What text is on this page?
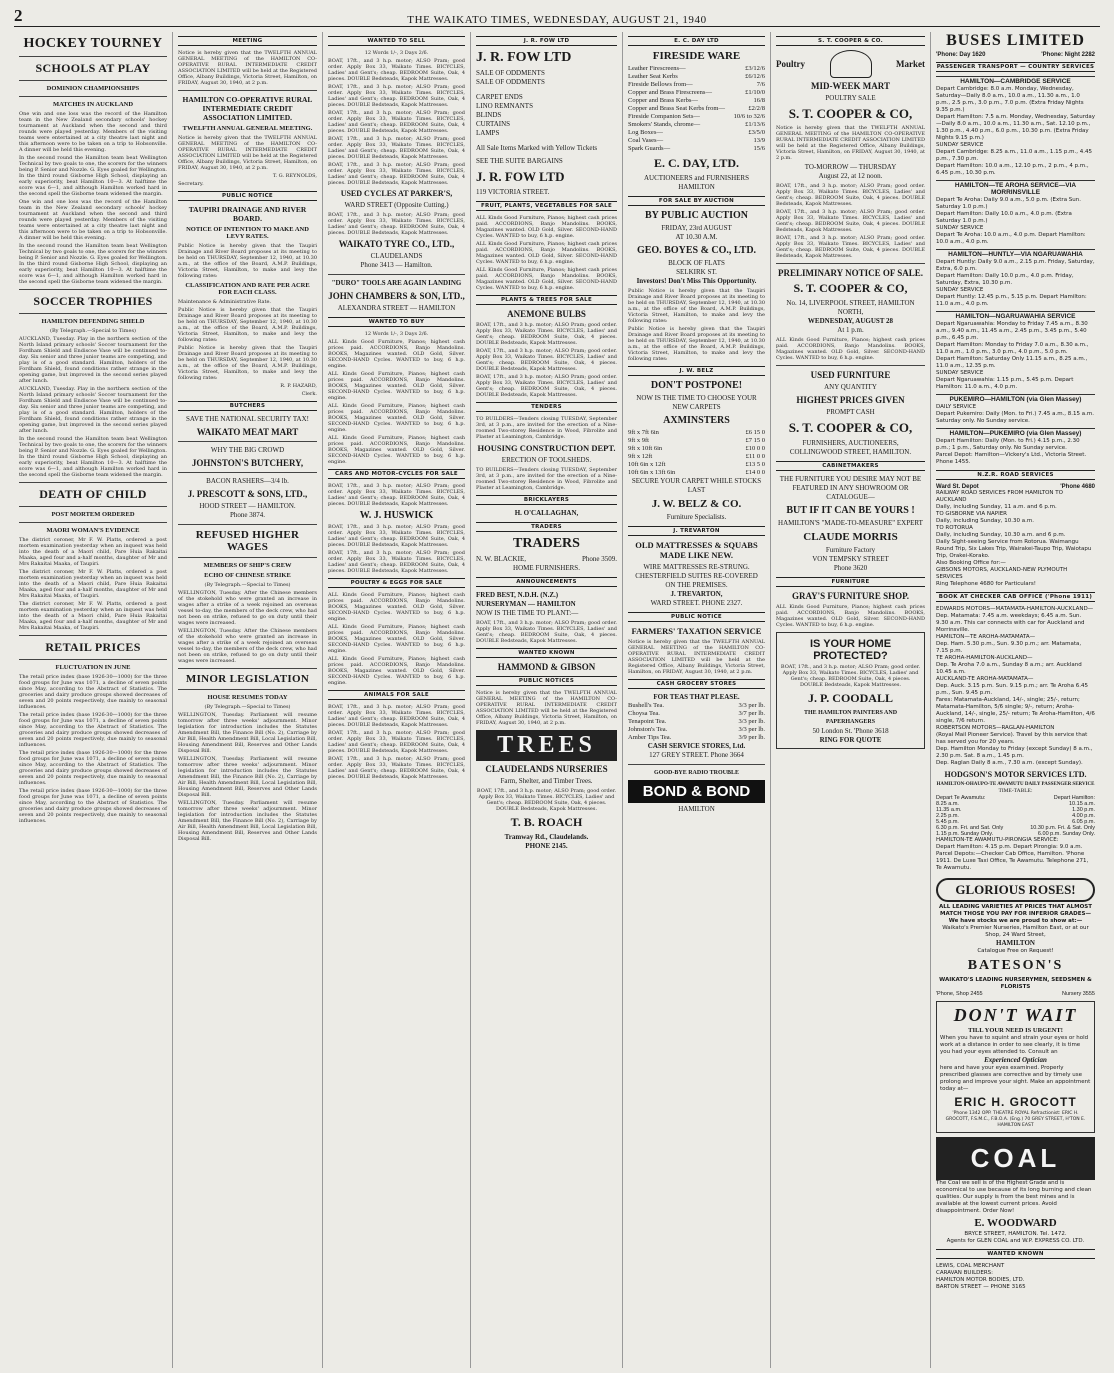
2	THE WAIKATO TIMES, WEDNESDAY, AUGUST 21, 1940
HOCKEY TOURNEY
SCHOOLS AT PLAY
DOMINION CHAMPIONSHIPS
MATCHES IN AUCKLAND

One win and one loss was the record of the Hamilton team in the New Zealand secondary schools' hockey tournament at Auckland when the second and third rounds were played yesterday. Members of the visiting teams were entertained at a city theatre last night and this afternoon were to be taken on a trip to Hobsonville. A dinner will be held this evening.

In the second round the Hamilton team beat Wellington Technical by two goals to one, the scorers for the winners being P. Senior and Nozzle. G. Eyes goaled for Wellington. In the third round Gisborne High School, displaying an early superiority, beat Hamilton 10—3. At halftime the score was 6—1, and although Hamilton worked hard in the second spell the Gisborne team widened the margin.

One win and one loss was the record of the Hamilton team in the New Zealand secondary schools' hockey tournament at Auckland when the second and third rounds were played yesterday. Members of the visiting teams were entertained at a city theatre last night and this afternoon were to be taken on a trip to Hobsonville. A dinner will be held this evening.

In the second round the Hamilton team beat Wellington Technical by two goals to one, the scorers for the winners being P. Senior and Nozzle. G. Eyes goaled for Wellington. In the third round Gisborne High School, displaying an early superiority, beat Hamilton 10—3. At halftime the score was 6—1, and although Hamilton worked hard in the second spell the Gisborne team widened the margin.

SOCCER TROPHIES
HAMILTON DEFENDING SHIELD

(By Telegraph.—Special to Times)

AUCKLAND, Tuesday. Play in the northern section of the North Island primary schools' Soccer tournament for the Fordham Shield and Endiscoe Vase will be continued to-day. Six senior and three junior teams are competing, and play is of a good standard. Hamilton, holders of the Fordham Shield, found conditions rather strange in the opening game, but improved in the second series played after lunch.

AUCKLAND, Tuesday. Play in the northern section of the North Island primary schools' Soccer tournament for the Fordham Shield and Endiscoe Vase will be continued to-day. Six senior and three junior teams are competing, and play is of a good standard. Hamilton, holders of the Fordham Shield, found conditions rather strange in the opening game, but improved in the second series played after lunch.

In the second round the Hamilton team beat Wellington Technical by two goals to one, the scorers for the winners being P. Senior and Nozzle. G. Eyes goaled for Wellington. In the third round Gisborne High School, displaying an early superiority, beat Hamilton 10—3. At halftime the score was 6—1, and although Hamilton worked hard in the second spell the Gisborne team widened the margin.

DEATH OF CHILD
POST MORTEM ORDERED
MAORI WOMAN'S EVIDENCE

The district coroner, Mr F. W. Platts, ordered a post mortem examination yesterday when an inquest was held into the death of a Maori child, Pare Huia Rakaitai Maaka, aged four and a-half months, daughter of Mr and Mrs Rakaitai Maaka, of Taupiri.

The district coroner, Mr F. W. Platts, ordered a post mortem examination yesterday when an inquest was held into the death of a Maori child, Pare Huia Rakaitai Maaka, aged four and a-half months, daughter of Mr and Mrs Rakaitai Maaka, of Taupiri.

The district coroner, Mr F. W. Platts, ordered a post mortem examination yesterday when an inquest was held into the death of a Maori child, Pare Huia Rakaitai Maaka, aged four and a-half months, daughter of Mr and Mrs Rakaitai Maaka, of Taupiri.

RETAIL PRICES
FLUCTUATION IN JUNE

The retail price index (base 1926-30—1000) for the three food groups for June was 1071, a decline of seven points since May, according to the Abstract of Statistics. The groceries and dairy produce groups showed decreases of seven and 20 points respectively, due mainly to seasonal influences.

The retail price index (base 1926-30—1000) for the three food groups for June was 1071, a decline of seven points since May, according to the Abstract of Statistics. The groceries and dairy produce groups showed decreases of seven and 20 points respectively, due mainly to seasonal influences.

The retail price index (base 1926-30—1000) for the three food groups for June was 1071, a decline of seven points since May, according to the Abstract of Statistics. The groceries and dairy produce groups showed decreases of seven and 20 points respectively, due mainly to seasonal influences.

The retail price index (base 1926-30—1000) for the three food groups for June was 1071, a decline of seven points since May, according to the Abstract of Statistics. The groceries and dairy produce groups showed decreases of seven and 20 points respectively, due mainly to seasonal influences.

MEETING

Notice is hereby given that the TWELFTH ANNUAL GENERAL MEETING of the HAMILTON CO-OPERATIVE RURAL INTERMEDIATE CREDIT ASSOCIATION LIMITED will be held at the Registered Office, Albany Buildings, Victoria Street, Hamilton, on FRIDAY, August 30, 1940, at 2 p.m.

HAMILTON CO-OPERATIVE RURAL INTERMEDIATE CREDIT ASSOCIATION LIMITED.
TWELFTH ANNUAL GENERAL MEETING.

Notice is hereby given that the TWELFTH ANNUAL GENERAL MEETING of the HAMILTON CO-OPERATIVE RURAL INTERMEDIATE CREDIT ASSOCIATION LIMITED will be held at the Registered Office, Albany Buildings, Victoria Street, Hamilton, on FRIDAY, August 30, 1940, at 2 p.m.

T. G. REYNOLDS,

Secretary.

PUBLIC NOTICE
TAUPIRI DRAINAGE AND RIVER BOARD.
NOTICE OF INTENTION TO MAKE AND LEVY RATES.

Public Notice is hereby given that the Taupiri Drainage and River Board proposes at its meeting to be held on THURSDAY, September 12, 1940, at 10.30 a.m., at the office of the Board, A.M.P. Buildings, Victoria Street, Hamilton, to make and levy the following rates:

CLASSIFICATION AND RATE PER ACRE FOR EACH CLASS.

Maintenance & Administrative Rate.

Public Notice is hereby given that the Taupiri Drainage and River Board proposes at its meeting to be held on THURSDAY, September 12, 1940, at 10.30 a.m., at the office of the Board, A.M.P. Buildings, Victoria Street, Hamilton, to make and levy the following rates:

Public Notice is hereby given that the Taupiri Drainage and River Board proposes at its meeting to be held on THURSDAY, September 12, 1940, at 10.30 a.m., at the office of the Board, A.M.P. Buildings, Victoria Street, Hamilton, to make and levy the following rates:

R. P. HAZARD,

Clerk.

BUTCHERS

SAVE THE NATIONAL SECURITY TAX!

WAIKATO MEAT MART

WHY THE BIG CROWD

JOHNSTON'S BUTCHERY,

BACON RASHERS—3/4 lb.

J. PRESCOTT & SONS, LTD.,

HOOD STREET — HAMILTON.

Phone 3874.

REFUSED HIGHER WAGES
MEMBERS OF SHIP'S CREW
ECHO OF CHINESE STRIKE

(By Telegraph.—Special to Times)

WELLINGTON, Tuesday. After the Chinese members of the stokehold who were granted an increase in wages after a strike of a week rejoined an overseas vessel to-day, the members of the deck crew, who had not been on strike, refused to go on duty until their wages were increased.

WELLINGTON, Tuesday. After the Chinese members of the stokehold who were granted an increase in wages after a strike of a week rejoined an overseas vessel to-day, the members of the deck crew, who had not been on strike, refused to go on duty until their wages were increased.

MINOR LEGISLATION
HOUSE RESUMES TODAY

(By Telegraph.—Special to Times)

WELLINGTON, Tuesday. Parliament will resume tomorrow after three weeks' adjournment. Minor legislation for introduction includes the Statutes Amendment Bill, the Finance Bill (No. 2), Carriage by Air Bill, Health Amendment Bill, Local Legislation Bill, Housing Amendment Bill, Reserves and Other Lands Disposal Bill.

WELLINGTON, Tuesday. Parliament will resume tomorrow after three weeks' adjournment. Minor legislation for introduction includes the Statutes Amendment Bill, the Finance Bill (No. 2), Carriage by Air Bill, Health Amendment Bill, Local Legislation Bill, Housing Amendment Bill, Reserves and Other Lands Disposal Bill.

WELLINGTON, Tuesday. Parliament will resume tomorrow after three weeks' adjournment. Minor legislation for introduction includes the Statutes Amendment Bill, the Finance Bill (No. 2), Carriage by Air Bill, Health Amendment Bill, Local Legislation Bill, Housing Amendment Bill, Reserves and Other Lands Disposal Bill.

WANTED TO SELL

12 Words 1/-, 3 Days 2/6.

BOAT, 17ft., and 3 h.p. motor; ALSO Pram; good order. Apply Box 33, Waikato Times. BICYCLES, Ladies' and Gent's; cheap. BEDROOM Suite, Oak, 4 pieces. DOUBLE Bedsteads, Kapok Mattresses.

BOAT, 17ft., and 3 h.p. motor; ALSO Pram; good order. Apply Box 33, Waikato Times. BICYCLES, Ladies' and Gent's; cheap. BEDROOM Suite, Oak, 4 pieces. DOUBLE Bedsteads, Kapok Mattresses.

BOAT, 17ft., and 3 h.p. motor; ALSO Pram; good order. Apply Box 33, Waikato Times. BICYCLES, Ladies' and Gent's; cheap. BEDROOM Suite, Oak, 4 pieces. DOUBLE Bedsteads, Kapok Mattresses.

BOAT, 17ft., and 3 h.p. motor; ALSO Pram; good order. Apply Box 33, Waikato Times. BICYCLES, Ladies' and Gent's; cheap. BEDROOM Suite, Oak, 4 pieces. DOUBLE Bedsteads, Kapok Mattresses.

BOAT, 17ft., and 3 h.p. motor; ALSO Pram; good order. Apply Box 33, Waikato Times. BICYCLES, Ladies' and Gent's; cheap. BEDROOM Suite, Oak, 4 pieces. DOUBLE Bedsteads, Kapok Mattresses.

USED CYCLES AT PARKER'S,

WARD STREET (Opposite Cutting.)

BOAT, 17ft., and 3 h.p. motor; ALSO Pram; good order. Apply Box 33, Waikato Times. BICYCLES, Ladies' and Gent's; cheap. BEDROOM Suite, Oak, 4 pieces. DOUBLE Bedsteads, Kapok Mattresses.

WAIKATO TYRE CO., LTD.,

CLAUDELANDS

Phone 3413 — Hamilton.

"DURO" TOOLS ARE AGAIN LANDING

JOHN CHAMBERS & SON, LTD.,

ALEXANDRA STREET — HAMILTON

WANTED TO BUY

12 Words 1/-, 3 Days 2/6.

ALL Kinds Good Furniture, Pianos; highest cash prices paid. ACCORDIONS, Banjo Mandolins. BOOKS, Magazines wanted. OLD Gold, Silver. SECOND-HAND Cycles. WANTED to buy, 6 h.p. engine.

ALL Kinds Good Furniture, Pianos; highest cash prices paid. ACCORDIONS, Banjo Mandolins. BOOKS, Magazines wanted. OLD Gold, Silver. SECOND-HAND Cycles. WANTED to buy, 6 h.p. engine.

ALL Kinds Good Furniture, Pianos; highest cash prices paid. ACCORDIONS, Banjo Mandolins. BOOKS, Magazines wanted. OLD Gold, Silver. SECOND-HAND Cycles. WANTED to buy, 6 h.p. engine.

ALL Kinds Good Furniture, Pianos; highest cash prices paid. ACCORDIONS, Banjo Mandolins. BOOKS, Magazines wanted. OLD Gold, Silver. SECOND-HAND Cycles. WANTED to buy, 6 h.p. engine.

CARS AND MOTOR-CYCLES FOR SALE

BOAT, 17ft., and 3 h.p. motor; ALSO Pram; good order. Apply Box 33, Waikato Times. BICYCLES, Ladies' and Gent's; cheap. BEDROOM Suite, Oak, 4 pieces. DOUBLE Bedsteads, Kapok Mattresses.

W. J. HUSWICK

BOAT, 17ft., and 3 h.p. motor; ALSO Pram; good order. Apply Box 33, Waikato Times. BICYCLES, Ladies' and Gent's; cheap. BEDROOM Suite, Oak, 4 pieces. DOUBLE Bedsteads, Kapok Mattresses.

BOAT, 17ft., and 3 h.p. motor; ALSO Pram; good order. Apply Box 33, Waikato Times. BICYCLES, Ladies' and Gent's; cheap. BEDROOM Suite, Oak, 4 pieces. DOUBLE Bedsteads, Kapok Mattresses.

POULTRY & EGGS FOR SALE

ALL Kinds Good Furniture, Pianos; highest cash prices paid. ACCORDIONS, Banjo Mandolins. BOOKS, Magazines wanted. OLD Gold, Silver. SECOND-HAND Cycles. WANTED to buy, 6 h.p. engine.

ALL Kinds Good Furniture, Pianos; highest cash prices paid. ACCORDIONS, Banjo Mandolins. BOOKS, Magazines wanted. OLD Gold, Silver. SECOND-HAND Cycles. WANTED to buy, 6 h.p. engine.

ALL Kinds Good Furniture, Pianos; highest cash prices paid. ACCORDIONS, Banjo Mandolins. BOOKS, Magazines wanted. OLD Gold, Silver. SECOND-HAND Cycles. WANTED to buy, 6 h.p. engine.

ANIMALS FOR SALE

BOAT, 17ft., and 3 h.p. motor; ALSO Pram; good order. Apply Box 33, Waikato Times. BICYCLES, Ladies' and Gent's; cheap. BEDROOM Suite, Oak, 4 pieces. DOUBLE Bedsteads, Kapok Mattresses.

BOAT, 17ft., and 3 h.p. motor; ALSO Pram; good order. Apply Box 33, Waikato Times. BICYCLES, Ladies' and Gent's; cheap. BEDROOM Suite, Oak, 4 pieces. DOUBLE Bedsteads, Kapok Mattresses.

BOAT, 17ft., and 3 h.p. motor; ALSO Pram; good order. Apply Box 33, Waikato Times. BICYCLES, Ladies' and Gent's; cheap. BEDROOM Suite, Oak, 4 pieces. DOUBLE Bedsteads, Kapok Mattresses.

J. R. FOW LTD
J. R. FOW LTD

SALE OF ODDMENTS

SALE OF ODDMENTS

CARPET ENDS

LINO REMNANTS

BLINDS

CURTAINS

LAMPS

All Sale Items Marked with Yellow Tickets

SEE THE SUITE BARGAINS

J. R. FOW LTD

119 VICTORIA STREET.

FRUIT, PLANTS, VEGETABLES FOR SALE

ALL Kinds Good Furniture, Pianos; highest cash prices paid. ACCORDIONS, Banjo Mandolins. BOOKS, Magazines wanted. OLD Gold, Silver. SECOND-HAND Cycles. WANTED to buy, 6 h.p. engine.

ALL Kinds Good Furniture, Pianos; highest cash prices paid. ACCORDIONS, Banjo Mandolins. BOOKS, Magazines wanted. OLD Gold, Silver. SECOND-HAND Cycles. WANTED to buy, 6 h.p. engine.

ALL Kinds Good Furniture, Pianos; highest cash prices paid. ACCORDIONS, Banjo Mandolins. BOOKS, Magazines wanted. OLD Gold, Silver. SECOND-HAND Cycles. WANTED to buy, 6 h.p. engine.

PLANTS & TREES FOR SALE
ANEMONE BULBS

BOAT, 17ft., and 3 h.p. motor; ALSO Pram; good order. Apply Box 33, Waikato Times. BICYCLES, Ladies' and Gent's; cheap. BEDROOM Suite, Oak, 4 pieces. DOUBLE Bedsteads, Kapok Mattresses.

BOAT, 17ft., and 3 h.p. motor; ALSO Pram; good order. Apply Box 33, Waikato Times. BICYCLES, Ladies' and Gent's; cheap. BEDROOM Suite, Oak, 4 pieces. DOUBLE Bedsteads, Kapok Mattresses.

BOAT, 17ft., and 3 h.p. motor; ALSO Pram; good order. Apply Box 33, Waikato Times. BICYCLES, Ladies' and Gent's; cheap. BEDROOM Suite, Oak, 4 pieces. DOUBLE Bedsteads, Kapok Mattresses.

TENDERS

TO BUILDERS—Tenders closing TUESDAY, September 3rd, at 3 p.m., are invited for the erection of a Nine-roomed Two-storey Residence in Wood, Fibrolite and Plaster at Leamington, Cambridge.

HOUSING CONSTRUCTION DEPT.

ERECTION OF TOOLSHEDS.

TO BUILDERS—Tenders closing TUESDAY, September 3rd, at 3 p.m., are invited for the erection of a Nine-roomed Two-storey Residence in Wood, Fibrolite and Plaster at Leamington, Cambridge.

BRICKLAYERS

H. O'CALLAGHAN,

TRADERS
TRADERS
N. W. BLACKIE,	Phone 3509.

HOME FURNISHERS.

ANNOUNCEMENTS

FRED BEST, N.D.H. (N.Z.)

NURSERYMAN — HAMILTON

NOW IS THE TIME TO PLANT:—

BOAT, 17ft., and 3 h.p. motor; ALSO Pram; good order. Apply Box 33, Waikato Times. BICYCLES, Ladies' and Gent's; cheap. BEDROOM Suite, Oak, 4 pieces. DOUBLE Bedsteads, Kapok Mattresses.

WANTED KNOWN
HAMMOND & GIBSON
PUBLIC NOTICES

Notice is hereby given that the TWELFTH ANNUAL GENERAL MEETING of the HAMILTON CO-OPERATIVE RURAL INTERMEDIATE CREDIT ASSOCIATION LIMITED will be held at the Registered Office, Albany Buildings, Victoria Street, Hamilton, on FRIDAY, August 30, 1940, at 2 p.m.

TREES
CLAUDELANDS NURSERIES

Farm, Shelter, and Timber Trees.

BOAT, 17ft., and 3 h.p. motor; ALSO Pram; good order. Apply Box 33, Waikato Times. BICYCLES, Ladies' and Gent's; cheap. BEDROOM Suite, Oak, 4 pieces. DOUBLE Bedsteads, Kapok Mattresses.

T. B. ROACH

Tramway Rd., Claudelands.

PHONE 2145.

E. C. DAY LTD
FIRESIDE WARE
Leather Firescreens—	£3/12/6
Leather Seat Kerbs	£6/12/6
Fireside Bellows from—	7/6
Copper and Brass Firescreens—	£1/10/0
Copper and Brass Kerbs—	16/8
Copper and Brass Seat Kerbs from—	£2/2/8
Fireside Companion Sets—	10/6 to 32/6
Smokers' Stands, chrome—	£1/13/6
Log Boxes—	£3/5/0
Coal Vases—	13/9
Spark Guards—	15/6
E. C. DAY, LTD.

AUCTIONEERS and FURNISHERS

HAMILTON

FOR SALE BY AUCTION
BY PUBLIC AUCTION

FRIDAY, 23rd AUGUST

AT 10.30 A.M.

GEO. BOYES & CO., LTD.

BLOCK OF FLATS

SELKIRK ST.

Investors! Don't Miss This Opportunity.

Public Notice is hereby given that the Taupiri Drainage and River Board proposes at its meeting to be held on THURSDAY, September 12, 1940, at 10.30 a.m., at the office of the Board, A.M.P. Buildings, Victoria Street, Hamilton, to make and levy the following rates:

Public Notice is hereby given that the Taupiri Drainage and River Board proposes at its meeting to be held on THURSDAY, September 12, 1940, at 10.30 a.m., at the office of the Board, A.M.P. Buildings, Victoria Street, Hamilton, to make and levy the following rates:

J. W. BELZ
DON'T POSTPONE!

NOW IS THE TIME TO CHOOSE YOUR NEW CARPETS

AXMINSTERS
9ft x 7ft 6in	£6 15 0
9ft x 9ft	£7 15 0
9ft x 10ft 6in	£10 0 0
9ft x 12ft	£11 0 0
10ft 6in x 12ft	£13 5 0
10ft 6in x 13ft 6in	£14 0 0

SECURE YOUR CARPET WHILE STOCKS LAST

J. W. BELZ & CO.

Furniture Specialists.

J. TREVARTON
OLD MATTRESSES & SQUABS MADE LIKE NEW.

WIRE MATTRESSES RE-STRUNG.

CHESTERFIELD SUITES RE-COVERED

ON THE PREMISES.

J. TREVARTON,

WARD STREET. PHONE 2327.

PUBLIC NOTICE
FARMERS' TAXATION SERVICE

Notice is hereby given that the TWELFTH ANNUAL GENERAL MEETING of the HAMILTON CO-OPERATIVE RURAL INTERMEDIATE CREDIT ASSOCIATION LIMITED will be held at the Registered Office, Albany Buildings, Victoria Street, Hamilton, on FRIDAY, August 30, 1940, at 2 p.m.

CASH GROCERY STORES

FOR TEAS THAT PLEASE.

Bushell's Tea.	3/3 per lb.
Choysa Tea.	3/7 per lb.
Tenapoint Tea.	3/3 per lb.
Johnston's Tea.	3/3 per lb.
Amber Tips Tea.	3/9 per lb.

CASH SERVICE STORES, Ltd.

127 GREY STREET. Phone 3664

GOOD-BYE RADIO TROUBLE

BOND & BOND

HAMILTON

S. T. COOPER & CO.
Poultry	Market
MID-WEEK MART

POULTRY SALE

S. T. COOPER & CO,

Notice is hereby given that the TWELFTH ANNUAL GENERAL MEETING of the HAMILTON CO-OPERATIVE RURAL INTERMEDIATE CREDIT ASSOCIATION LIMITED will be held at the Registered Office, Albany Buildings, Victoria Street, Hamilton, on FRIDAY, August 30, 1940, at 2 p.m.

TO-MORROW — THURSDAY

August 22, at 12 noon.

BOAT, 17ft., and 3 h.p. motor; ALSO Pram; good order. Apply Box 33, Waikato Times. BICYCLES, Ladies' and Gent's; cheap. BEDROOM Suite, Oak, 4 pieces. DOUBLE Bedsteads, Kapok Mattresses.

BOAT, 17ft., and 3 h.p. motor; ALSO Pram; good order. Apply Box 33, Waikato Times. BICYCLES, Ladies' and Gent's; cheap. BEDROOM Suite, Oak, 4 pieces. DOUBLE Bedsteads, Kapok Mattresses.

BOAT, 17ft., and 3 h.p. motor; ALSO Pram; good order. Apply Box 33, Waikato Times. BICYCLES, Ladies' and Gent's; cheap. BEDROOM Suite, Oak, 4 pieces. DOUBLE Bedsteads, Kapok Mattresses.

PRELIMINARY NOTICE OF SALE.
S. T. COOPER & CO,

No. 14, LIVERPOOL STREET, HAMILTON NORTH,

WEDNESDAY, AUGUST 28

At 1 p.m.

ALL Kinds Good Furniture, Pianos; highest cash prices paid. ACCORDIONS, Banjo Mandolins. BOOKS, Magazines wanted. OLD Gold, Silver. SECOND-HAND Cycles. WANTED to buy, 6 h.p. engine.

USED FURNITURE

ANY QUANTITY

HIGHEST PRICES GIVEN

PROMPT CASH

S. T. COOPER & CO,

FURNISHERS, AUCTIONEERS,

COLLINGWOOD STREET, HAMILTON.

CABINETMAKERS

THE FURNITURE YOU DESIRE MAY NOT BE FEATURED IN ANY SHOWROOM OR CATALOGUE—

BUT IF IT CAN BE YOURS !

HAMILTON'S "MADE-TO-MEASURE" EXPERT

CLAUDE MORRIS

Furniture Factory

VON TEMPSKY STREET

Phone 3620

FURNITURE
GRAY'S FURNITURE SHOP.

ALL Kinds Good Furniture, Pianos; highest cash prices paid. ACCORDIONS, Banjo Mandolins. BOOKS, Magazines wanted. OLD Gold, Silver. SECOND-HAND Cycles. WANTED to buy, 6 h.p. engine.

IS YOUR HOME PROTECTED?

BOAT, 17ft., and 3 h.p. motor; ALSO Pram; good order. Apply Box 33, Waikato Times. BICYCLES, Ladies' and Gent's; cheap. BEDROOM Suite, Oak, 4 pieces. DOUBLE Bedsteads, Kapok Mattresses.

J. P. COODALL

THE HAMILTON PAINTERS AND PAPERHANGERS

50 London St. 'Phone 3618

RING FOR QUOTE

BUSES LIMITED
'Phone: Day 1620	'Phone: Night 2282
PASSENGER TRANSPORT — COUNTRY SERVICES
HAMILTON—CAMBRIDGE SERVICE

Depart Cambridge: 8.0 a.m. Monday, Wednesday, Saturday—Daily 8.0 a.m., 10.0 a.m., 11.30 a.m., 1.0 p.m., 2.5 p.m., 3.0 p.m., 7.0 p.m. (Extra Friday Nights 9.35 p.m.)

Depart Hamilton: 7.5 a.m. Monday, Wednesday, Saturday—Daily 8.0 a.m., 10.0 a.m., 11.30 a.m., Sat. 12.10 p.m., 1.30 p.m., 4.40 p.m., 6.0 p.m., 10.30 p.m. (Extra Friday Nights 9.15 p.m.)

SUNDAY SERVICE

Depart Cambridge: 8.25 a.m., 11.0 a.m., 1.15 p.m., 4.45 p.m., 7.30 p.m.

Depart Hamilton: 10.0 a.m., 12.10 p.m., 2 p.m., 4 p.m., 6.45 p.m., 10.30 p.m.

HAMILTON—TE AROHA SERVICE—VIA MORRINSVILLE

Depart Te Aroha: Daily 9.0 a.m., 5.0 p.m. (Extra Sun. Saturday 1.0 p.m.)

Depart Hamilton: Daily 10.0 a.m., 4.0 p.m. (Extra Saturday 1.0 p.m.)

SUNDAY SERVICE

Depart Te Aroha: 10.0 a.m., 4.0 p.m. Depart Hamilton: 10.0 a.m., 4.0 p.m.

HAMILTON—HUNTLY—VIA NGARUAWAHIA

Depart Huntly: Daily 9.0 a.m., 2.15 p.m. Friday, Saturday, Extra, 6.0 p.m.

Depart Hamilton: Daily 10.0 p.m., 4.0 p.m. Friday, Saturday, Extra, 10.30 p.m.

SUNDAY SERVICE

Depart Huntly: 12.45 p.m., 5.15 p.m. Depart Hamilton: 11.0 a.m., 4.0 p.m.

HAMILTON—NGARUAWAHIA SERVICE

Depart Ngaruawahia: Monday to Friday 7.45 a.m., 8.30 a.m., 9.40 a.m., 11.45 a.m., 2.45 p.m., 3.45 p.m., 5.40 p.m., 6.45 p.m.

Depart Hamilton: Monday to Friday 7.0 a.m., 8.30 a.m., 11.0 a.m., 1.0 p.m., 3.0 p.m., 4.0 p.m., 5.0 p.m.

Depart Hamilton: Saturday Only 11.15 a.m., 8.25 a.m., 11.0 a.m., 12.35 p.m.

SUNDAY SERVICE

Depart Ngaruawahia: 1.15 p.m., 5.45 p.m. Depart Hamilton: 11.0 a.m., 4.0 p.m.

PUKEMIRO—HAMILTON (via Glen Massey)

DAILY SERVICE

Depart Pukemiro: Daily (Mon. to Fri.) 7.45 a.m., 8.15 a.m. Saturday only. No Sunday service.

HAMILTON—PUKEMIRO (via Glen Massey)

Depart Hamilton: Daily (Mon. to Fri.) 4.15 p.m., 2.30 p.m.; 1 p.m., Saturday only. No Sunday service.

Parcel Depot: Hamilton—Vickery's Ltd., Victoria Street. Phone 1455.

N.Z.R. ROAD SERVICES
Ward St. Depot	'Phone 4680

RAILWAY ROAD SERVICES FROM HAMILTON TO AUCKLAND

Daily, including Sunday, 11 a.m. and 6 p.m.

TO GISBORNE VIA NAPIER

Daily, including Sunday, 10.30 a.m.

TO ROTORUA

Daily, including Sunday, 10.30 a.m. and 6 p.m.

Daily Sight-seeing Service from Rotorua. Waimangu Round Trip, Six Lakes Trip, Wairakei-Taupo Trip, Waiotapu Trip, Orakei-Korako.

Also Booking Office for:—

GIBSONS MOTORS, AUCKLAND-NEW PLYMOUTH SERVICES

Ring Telephone 4680 for Particulars!

BOOK AT CHECKER CAB OFFICE ('Phone 1911)

EDWARDS MOTORS—MATAMATA-HAMILTON-AUCKLAND—

Dep. Matamata: 7.45 a.m. weekdays; 6.45 a.m. Sun. 9.30 a.m. This car connects with car for Auckland and Morrinsville.

HAMILTON—TE AROHA-MATAMATA—

Dep. Ham. 5.30 p.m., Sun. 9.30 p.m.; arr. Matamata, 7.15 p.m.

TE AROHA-HAMILTON-AUCKLAND—

Dep. Te Aroha 7.0 a.m., Sunday 8 a.m.; arr. Auckland 10.45 a.m.

AUCKLAND-TE AROHA-MATAMATA—

Dep. Auck. 3.15 p.m. Sun. 9.15 p.m.; arr. Te Aroha 6.45 p.m., Sun. 9.45 p.m.

Fares: Matamata-Auckland, 14/-, single; 25/-, return; Matamata-Hamilton, 5/6 single; 9/-, return; Aroha-Auckland, 14/-, single, 25/- return; Te Aroha-Hamilton, 4/6 single, 7/6 return.

ROBERTSON MOTORS—RAGLAN-HAMILTON

(Royal Mail Pioneer Service). Travel by this service that has served you for 20 years.

Dep. Hamilton Monday to Friday (except Sunday) 8 a.m., 2.30 p.m. Sat. 8 a.m., 1.45 p.m.

Dep. Raglan Daily 8 a.m., 7.30 a.m. (except Sunday).

HODGSON'S MOTOR SERVICES LTD.

HAMILTON-OHAUPO-TE AWAMUTU DAILY PASSENGER SERVICE

TIME-TABLE:

Depart Te Awamutu:	Depart Hamilton:
8.25 a.m.	10.15 a.m.
11.35 a.m.	1.30 p.m.
2.25 p.m.	4.00 p.m.
5.45 p.m.	6.05 p.m.
6.30 p.m. Fri. and Sat. Only	10.30 p.m. Fri. & Sat. Only
1.15 p.m. Sunday Only.	6.00 p.m. Sunday Only.

HAMILTON-TE AWAMUTU-PIRONGIA SERVICE:

Depart Hamilton: 4.15 p.m. Depart Pirongia: 9.0 a.m.

Parcel Depots:—Checker Cab Office, Hamilton. 'Phone 1911. De Luxe Taxi Office, Te Awamutu. Telephone 271, Te Awamutu.

GLORIOUS ROSES!

ALL LEADING VARIETIES AT PRICES THAT ALMOST MATCH THOSE YOU PAY FOR INFERIOR GRADES—We have stocks we are proud to show at:—

Waikato's Premier Nurseries, Hamilton East, or at our Shop, 24 Ward Street,

HAMILTON

Catalogue Free on Request!

BATESON'S

WAIKATO'S LEADING NURSERYMEN, SEEDSMEN & FLORISTS

'Phone, Shop 2455	Nursery 3555
DON'T WAIT

TILL YOUR NEED IS URGENT!

When you have to squint and strain your eyes or hold work at a distance in order to see clearly, it is time you had your eyes attended to. Consult an

Experienced Optician

here and have your eyes examined. Properly prescribed glasses are corrective and by timely use prolong and improve your sight. Make an appointment today at—

ERIC H. GROCOTT

'Phone 1342 OPP. THEATRE ROYAL Refractionist: ERIC H. GROCOTT, F.S.M.C., F.B.O.A. (Eng.) 70 GREY STREET, H'TON E. HAMILTON EAST

COAL

The Coal we sell is of the Highest Grade and is economical to use because of its long burning and clean qualities. Our supply is from the best mines and is available at the lowest current prices. Avoid disappointment. Order Now!

E. WOODWARD

BRYCE STREET, HAMILTON. Tel. 1472.

Agents for GLEN COAL and W.P. EXPRESS CO. LTD.

WANTED KNOWN

LEWIS, COAL MERCHANT

CARAVAN BUILDERS:

HAMILTON MOTOR BODIES, LTD.

BARTON STREET — PHONE 3165
